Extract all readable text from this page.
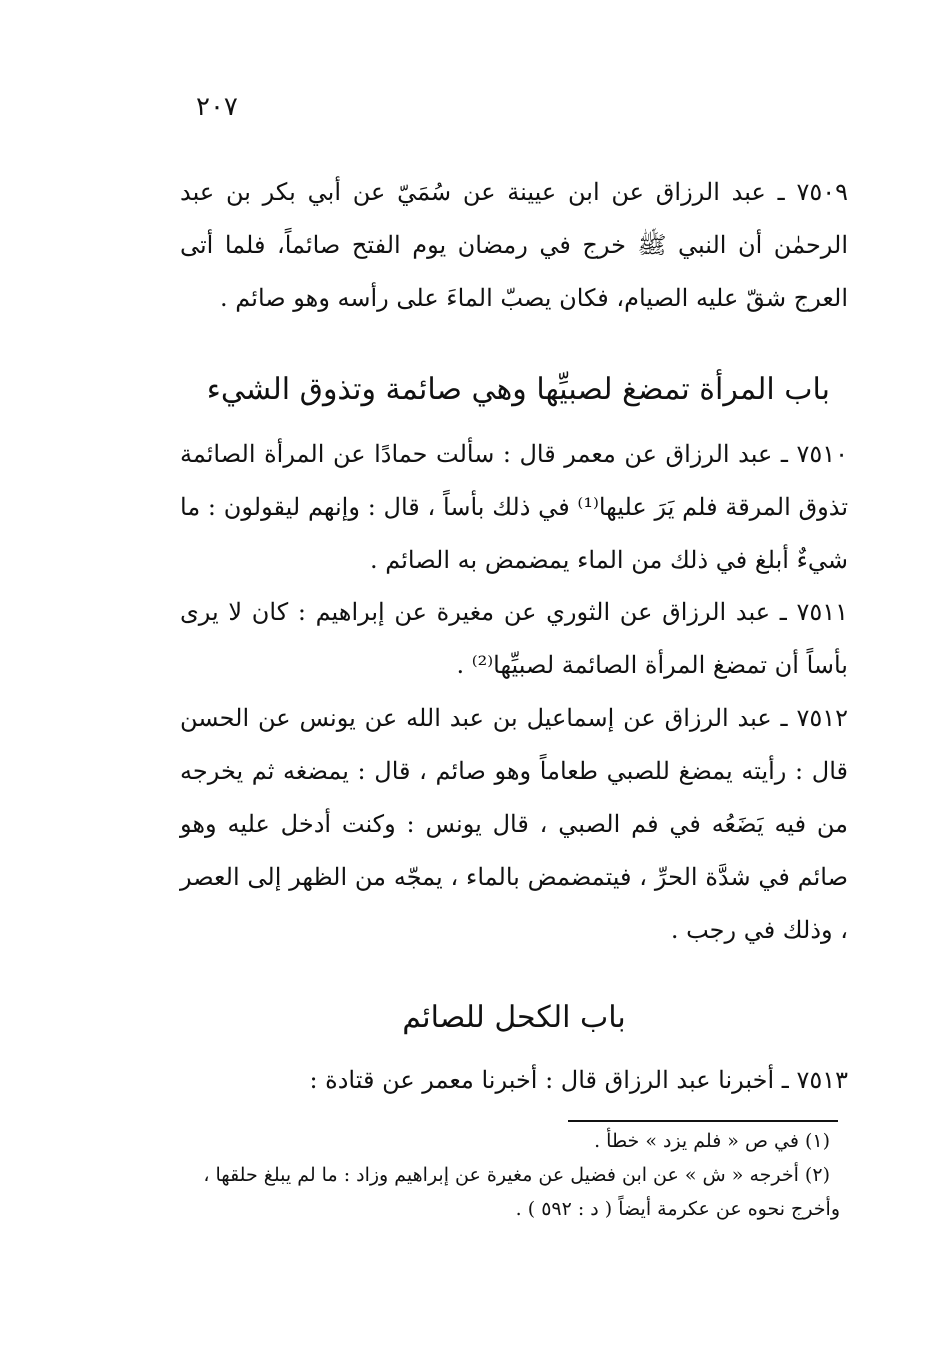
٢٠٧
٧٥٠٩ ـ عبد الرزاق عن ابن عيينة عن سُمَيّ عن أبي بكر بن عبد الرحمٰن أن النبي ﷺ خرج في رمضان يوم الفتح صائماً، فلما أتى العرج شقّ عليه الصيام، فكان يصبّ الماءَ على رأسه وهو صائم .
باب المرأة تمضغ لصبيِّها وهي صائمة وتذوق الشيء
٧٥١٠ ـ عبد الرزاق عن معمر قال : سألت حمادًا عن المرأة الصائمة تذوق المرقة فلم يَرَ عليها⁽¹⁾ في ذلك بأساً ، قال : وإنهم ليقولون : ما شيءٌ أبلغ في ذلك من الماء يمضمض به الصائم .
٧٥١١ ـ عبد الرزاق عن الثوري عن مغيرة عن إبراهيم : كان لا يرى بأساً أن تمضغ المرأة الصائمة لصبيِّها⁽²⁾ .
٧٥١٢ ـ عبد الرزاق عن إسماعيل بن عبد الله عن يونس عن الحسن قال : رأيته يمضغ للصبي طعاماً وهو صائم ، قال : يمضغه ثم يخرجه من فيه يَضَعُه في فم الصبي ، قال يونس : وكنت أدخل عليه وهو صائم في شدَّة الحرِّ ، فيتمضمض بالماء ، يمجّه من الظهر إلى العصر ، وذلك في رجب .
باب الكحل للصائم
٧٥١٣ ـ أخبرنا عبد الرزاق قال : أخبرنا معمر عن قتادة :

(١) في ص « فلم يزد » خطأ .

(٢) أخرجه « ش » عن ابن فضيل عن مغيرة عن إبراهيم وزاد : ما لم يبلغ حلقها ،

وأخرج نحوه عن عكرمة أيضاً ( د : ٥٩٢ ) .
